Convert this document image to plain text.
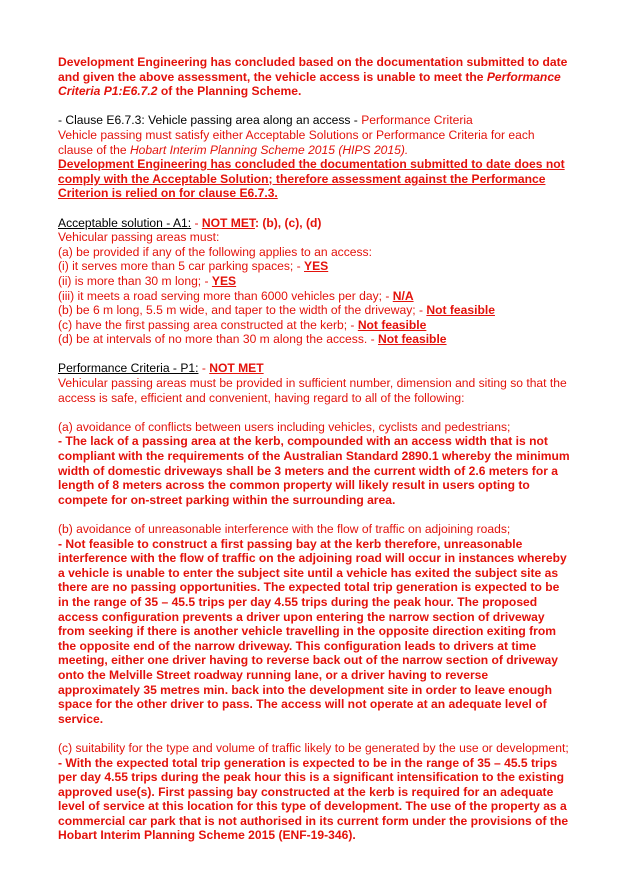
Development Engineering has concluded based on the documentation submitted to date and given the above assessment, the vehicle access is unable to meet the Performance Criteria P1:E6.7.2 of the Planning Scheme.

- Clause E6.7.3: Vehicle passing area along an access - Performance Criteria

Vehicle passing must satisfy either Acceptable Solutions or Performance Criteria for each clause of the Hobart Interim Planning Scheme 2015 (HIPS 2015).

Development Engineering has concluded the documentation submitted to date does not comply with the Acceptable Solution; therefore assessment against the Performance Criterion is relied on for clause E6.7.3.

Acceptable solution - A1: - NOT MET: (b), (c), (d)

Vehicular passing areas must:

(a) be provided if any of the following applies to an access:

(i) it serves more than 5 car parking spaces; - YES

(ii) is more than 30 m long; - YES

(iii) it meets a road serving more than 6000 vehicles per day; - N/A

(b) be 6 m long, 5.5 m wide, and taper to the width of the driveway; - Not feasible

(c) have the first passing area constructed at the kerb; - Not feasible

(d) be at intervals of no more than 30 m along the access. - Not feasible

Performance Criteria - P1: - NOT MET

Vehicular passing areas must be provided in sufficient number, dimension and siting so that the access is safe, efficient and convenient, having regard to all of the following:

(a) avoidance of conflicts between users including vehicles, cyclists and pedestrians;

- The lack of a passing area at the kerb, compounded with an access width that is not compliant with the requirements of the Australian Standard 2890.1 whereby the minimum width of domestic driveways shall be 3 meters and the current width of 2.6 meters for a length of 8 meters across the common property will likely result in users opting to compete for on-street parking within the surrounding area.

(b) avoidance of unreasonable interference with the flow of traffic on adjoining roads;

- Not feasible to construct a first passing bay at the kerb therefore, unreasonable interference with the flow of traffic on the adjoining road will occur in instances whereby a vehicle is unable to enter the subject site until a vehicle has exited the subject site as there are no passing opportunities. The expected total trip generation is expected to be in the range of 35 – 45.5 trips per day 4.55 trips during the peak hour. The proposed access configuration prevents a driver upon entering the narrow section of driveway from seeking if there is another vehicle travelling in the opposite direction exiting from the opposite end of the narrow driveway. This configuration leads to drivers at time meeting, either one driver having to reverse back out of the narrow section of driveway onto the Melville Street roadway running lane, or a driver having to reverse approximately 35 metres min. back into the development site in order to leave enough space for the other driver to pass. The access will not operate at an adequate level of service.

(c) suitability for the type and volume of traffic likely to be generated by the use or development;

- With the expected total trip generation is expected to be in the range of 35 – 45.5 trips per day 4.55 trips during the peak hour this is a significant intensification to the existing approved use(s). First passing bay constructed at the kerb is required for an adequate level of service at this location for this type of development. The use of the property as a commercial car park that is not authorised in its current form under the provisions of the Hobart Interim Planning Scheme 2015 (ENF-19-346).
